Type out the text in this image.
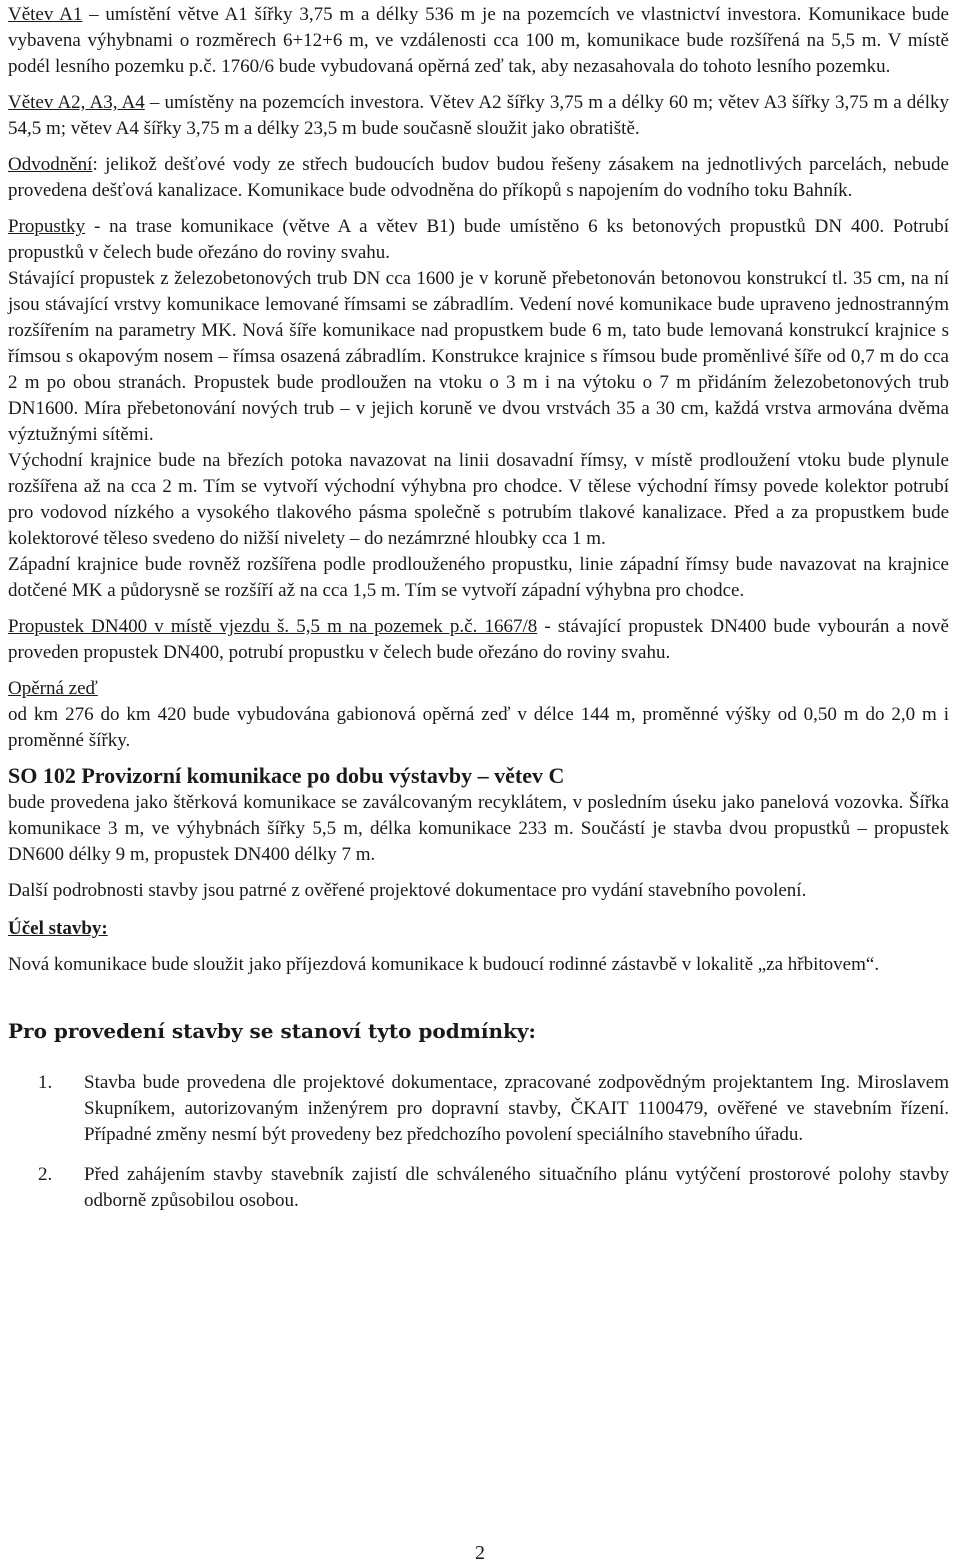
Větev A1 – umístění větve A1 šířky 3,75 m a délky 536 m je na pozemcích ve vlastnictví investora. Komunikace bude vybavena výhybnami o rozměrech 6+12+6 m, ve vzdálenosti cca 100 m, komunikace bude rozšířená na 5,5 m. V místě podél lesního pozemku p.č. 1760/6 bude vybudovaná opěrná zeď tak, aby nezasahovala do tohoto lesního pozemku.

Větev A2, A3, A4 – umístěny na pozemcích investora. Větev A2 šířky 3,75 m a délky 60 m; větev A3 šířky 3,75 m a délky 54,5 m; větev A4 šířky 3,75 m a délky 23,5 m bude současně sloužit jako obratiště.

Odvodnění: jelikož dešťové vody ze střech budoucích budov budou řešeny zásakem na jednotlivých parcelách, nebude provedena dešťová kanalizace. Komunikace bude odvodněna do příkopů s napojením do vodního toku Bahník.

Propustky - na trase komunikace (větve A a větev B1) bude umístěno 6 ks betonových propustků DN 400. Potrubí propustků v čelech bude ořezáno do roviny svahu.

Stávající propustek z železobetonových trub DN cca 1600 je v koruně přebetonován betonovou konstrukcí tl. 35 cm, na ní jsou stávající vrstvy komunikace lemované římsami se zábradlím. Vedení nové komunikace bude upraveno jednostranným rozšířením na parametry MK. Nová šíře komunikace nad propustkem bude 6 m, tato bude lemovaná konstrukcí krajnice s římsou s okapovým nosem – římsa osazená zábradlím. Konstrukce krajnice s římsou bude proměnlivé šíře od 0,7 m do cca 2 m po obou stranách. Propustek bude prodloužen na vtoku o 3 m i na výtoku o 7 m přidáním železobetonových trub DN1600. Míra přebetonování nových trub – v jejich koruně ve dvou vrstvách 35 a 30 cm, každá vrstva armována dvěma výztužnými sítěmi.

Východní krajnice bude na březích potoka navazovat na linii dosavadní římsy, v místě prodloužení vtoku bude plynule rozšířena až na cca 2 m. Tím se vytvoří východní výhybna pro chodce. V tělese východní římsy povede kolektor potrubí pro vodovod nízkého a vysokého tlakového pásma společně s potrubím tlakové kanalizace. Před a za propustkem bude kolektorové těleso svedeno do nižší nivelety – do nezámrzné hloubky cca 1 m.

Západní krajnice bude rovněž rozšířena podle prodlouženého propustku, linie západní římsy bude navazovat na krajnice dotčené MK a půdorysně se rozšíří až na cca 1,5 m. Tím se vytvoří západní výhybna pro chodce.

Propustek DN400 v místě vjezdu š. 5,5 m na pozemek p.č. 1667/8 - stávající propustek DN400 bude vybourán a nově proveden propustek DN400, potrubí propustku v čelech bude ořezáno do roviny svahu.

Opěrná zeď

od km 276 do km 420 bude vybudována gabionová opěrná zeď v délce 144 m, proměnné výšky od 0,50 m do 2,0 m i proměnné šířky.

SO 102 Provizorní komunikace po dobu výstavby – větev C

bude provedena jako štěrková komunikace se zaválcovaným recyklátem, v posledním úseku jako panelová vozovka. Šířka komunikace 3 m, ve výhybnách šířky 5,5 m, délka komunikace 233 m. Součástí je stavba dvou propustků – propustek DN600 délky 9 m, propustek DN400 délky 7 m.

Další podrobnosti stavby jsou patrné z ověřené projektové dokumentace pro vydání stavebního povolení.

Účel stavby:

Nová komunikace bude sloužit jako příjezdová komunikace k budoucí rodinné zástavbě v lokalitě „za hřbitovem“.

Pro provedení stavby se stanoví tyto podmínky:

1.	Stavba bude provedena dle projektové dokumentace, zpracované zodpovědným projektantem Ing. Miroslavem Skupníkem, autorizovaným inženýrem pro dopravní stavby, ČKAIT 1100479, ověřené ve stavebním řízení. Případné změny nesmí být provedeny bez předchozího povolení speciálního stavebního úřadu.
2.	Před zahájením stavby stavebník zajistí dle schváleného situačního plánu vytýčení prostorové polohy stavby odborně způsobilou osobou.
2
